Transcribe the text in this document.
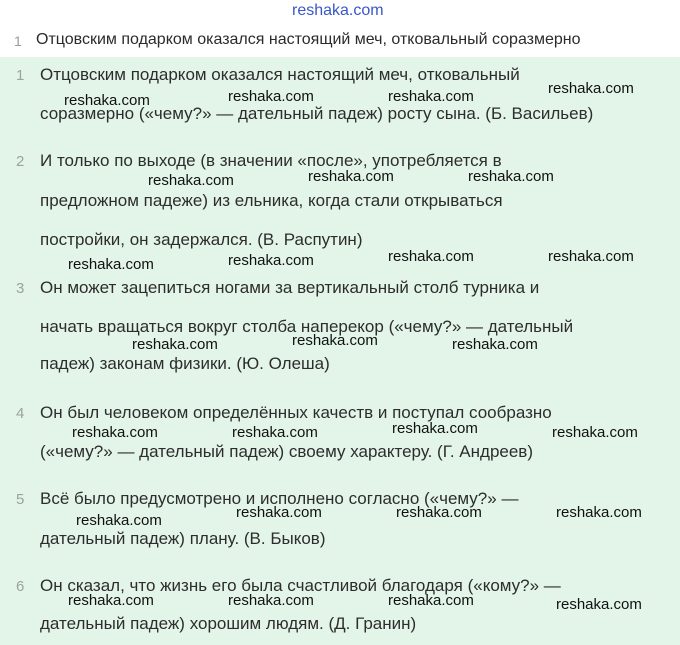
reshaka.com
1 Отцовским подарком оказался настоящий меч, отковальный соразмерно
1 Отцовским подарком оказался настоящий меч, отковальный
соразмерно («чему?» — дательный падеж) росту сына. (Б. Васильев)
2 И только по выходе (в значении «после», употребляется в
предложном падеже) из ельника, когда стали открываться
постройки, он задержался. (В. Распутин)
3 Он может зацепиться ногами за вертикальный столб турника и
начать вращаться вокруг столба наперекор («чему?» — дательный
падеж) законам физики. (Ю. Олеша)
4 Он был человеком определённых качеств и поступал сообразно
(«чему?» — дательный падеж) своему характеру. (Г. Андреев)
5 Всё было предусмотрено и исполнено согласно («чему?» —
дательный падеж) плану. (В. Быков)
6 Он сказал, что жизнь его была счастливой благодаря («кому?» —
дательный падеж) хорошим людям. (Д. Гранин)
reshaka.com	reshaka.com	reshaka.com	reshaka.com
reshaka.com	reshaka.com	reshaka.com
reshaka.com	reshaka.com	reshaka.com	reshaka.com
reshaka.com	reshaka.com	reshaka.com
reshaka.com	reshaka.com	reshaka.com	reshaka.com
reshaka.com	reshaka.com	reshaka.com	reshaka.com
reshaka.com	reshaka.com	reshaka.com	reshaka.com
